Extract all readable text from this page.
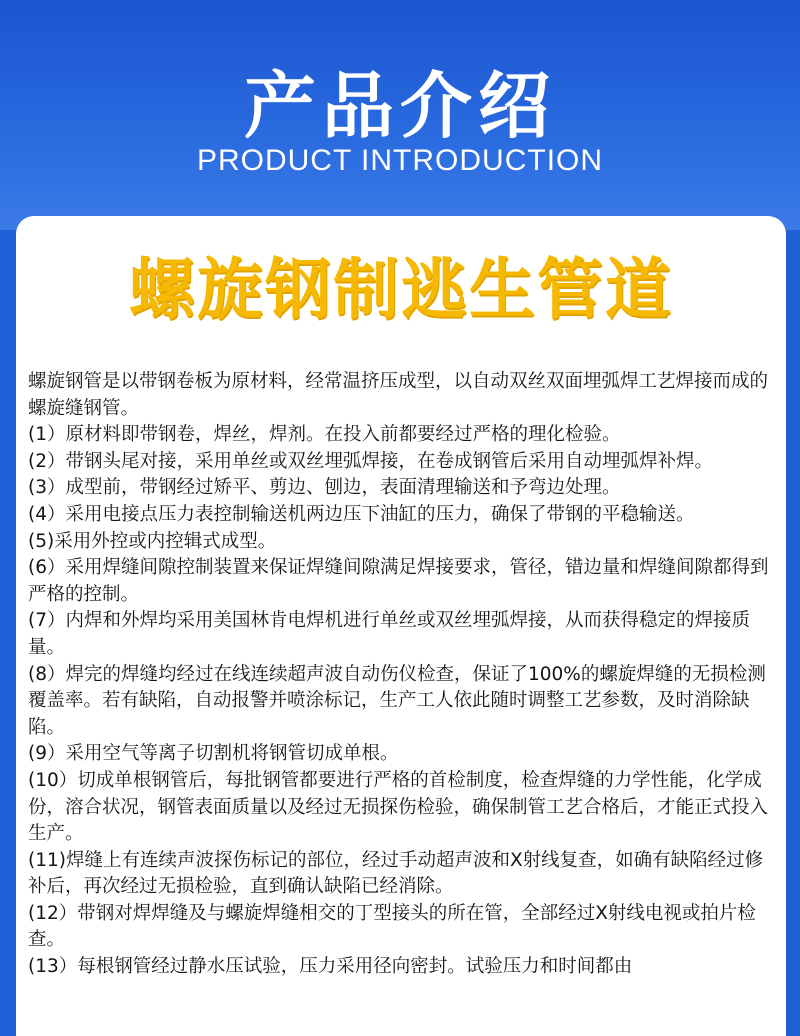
产品介绍
PRODUCT INTRODUCTION
螺旋钢制逃生管道

螺旋钢管是以带钢卷板为原材料，经常温挤压成型，以自动双丝双面埋弧焊工艺焊接而成的螺旋缝钢管。

(1）原材料即带钢卷，焊丝，焊剂。在投入前都要经过严格的理化检验。

(2）带钢头尾对接，采用单丝或双丝埋弧焊接，在卷成钢管后采用自动埋弧焊补焊。

(3）成型前，带钢经过矫平、剪边、刨边，表面清理输送和予弯边处理。

(4）采用电接点压力表控制输送机两边压下油缸的压力，确保了带钢的平稳输送。

(5)采用外控或内控辑式成型。

(6）采用焊缝间隙控制装置来保证焊缝间隙满足焊接要求，管径，错边量和焊缝间隙都得到严格的控制。

(7）内焊和外焊均采用美国林肯电焊机进行单丝或双丝埋弧焊接，从而获得稳定的焊接质量。

(8）焊完的焊缝均经过在线连续超声波自动伤仪检查，保证了100%的螺旋焊缝的无损检测覆盖率。若有缺陷，自动报警并喷涂标记，生产工人依此随时调整工艺参数，及时消除缺陷。

(9）采用空气等离子切割机将钢管切成单根。

(10）切成单根钢管后，每批钢管都要进行严格的首检制度，检查焊缝的力学性能，化学成份，溶合状况，钢管表面质量以及经过无损探伤检验，确保制管工艺合格后，才能正式投入生产。

(11)焊缝上有连续声波探伤标记的部位，经过手动超声波和X射线复查，如确有缺陷经过修补后，再次经过无损检验，直到确认缺陷已经消除。

(12）带钢对焊焊缝及与螺旋焊缝相交的丁型接头的所在管，全部经过X射线电视或拍片检查。

(13）每根钢管经过静水压试验，压力采用径向密封。试验压力和时间都由
